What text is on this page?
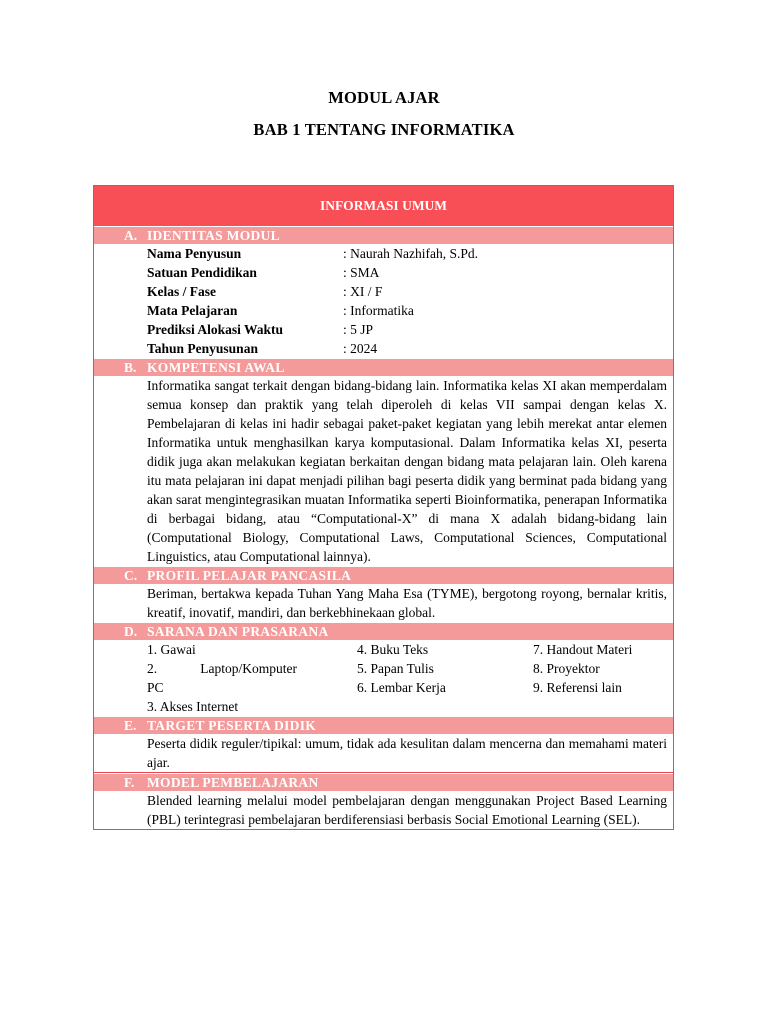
MODUL AJAR
BAB 1 TENTANG INFORMATIKA
INFORMASI UMUM
A. IDENTITAS MODUL
Nama Penyusun	: Naurah Nazhifah, S.Pd.
Satuan Pendidikan	: SMA
Kelas / Fase	: XI / F
Mata Pelajaran	: Informatika
Prediksi Alokasi Waktu	: 5 JP
Tahun Penyusunan	: 2024
B. KOMPETENSI AWAL
Informatika sangat terkait dengan bidang-bidang lain. Informatika kelas XI akan memperdalam semua konsep dan praktik yang telah diperoleh di kelas VII sampai dengan kelas X. Pembelajaran di kelas ini hadir sebagai paket-paket kegiatan yang lebih merekat antar elemen Informatika untuk menghasilkan karya komputasional. Dalam Informatika kelas XI, peserta didik juga akan melakukan kegiatan berkaitan dengan bidang mata pelajaran lain. Oleh karena itu mata pelajaran ini dapat menjadi pilihan bagi peserta didik yang berminat pada bidang yang akan sarat mengintegrasikan muatan Informatika seperti Bioinformatika, penerapan Informatika di berbagai bidang, atau “Computational-X” di mana X adalah bidang-bidang lain (Computational Biology, Computational Laws, Computational Sciences, Computational Linguistics, atau Computational lainnya).
C. PROFIL PELAJAR PANCASILA
Beriman, bertakwa kepada Tuhan Yang Maha Esa (TYME), bergotong royong, bernalar kritis, kreatif, inovatif, mandiri, dan berkebhinekaan global.
D. SARANA DAN PRASARANA
1. Gawai
2.	Laptop/Komputer
PC
3. Akses Internet
4. Buku Teks
5. Papan Tulis
6. Lembar Kerja
7. Handout Materi
8. Proyektor
9. Referensi lain
E. TARGET PESERTA DIDIK
Peserta didik reguler/tipikal: umum, tidak ada kesulitan dalam mencerna dan memahami materi ajar.
F. MODEL PEMBELAJARAN
Blended learning melalui model pembelajaran dengan menggunakan Project Based Learning (PBL) terintegrasi pembelajaran berdiferensiasi berbasis Social Emotional Learning (SEL).
